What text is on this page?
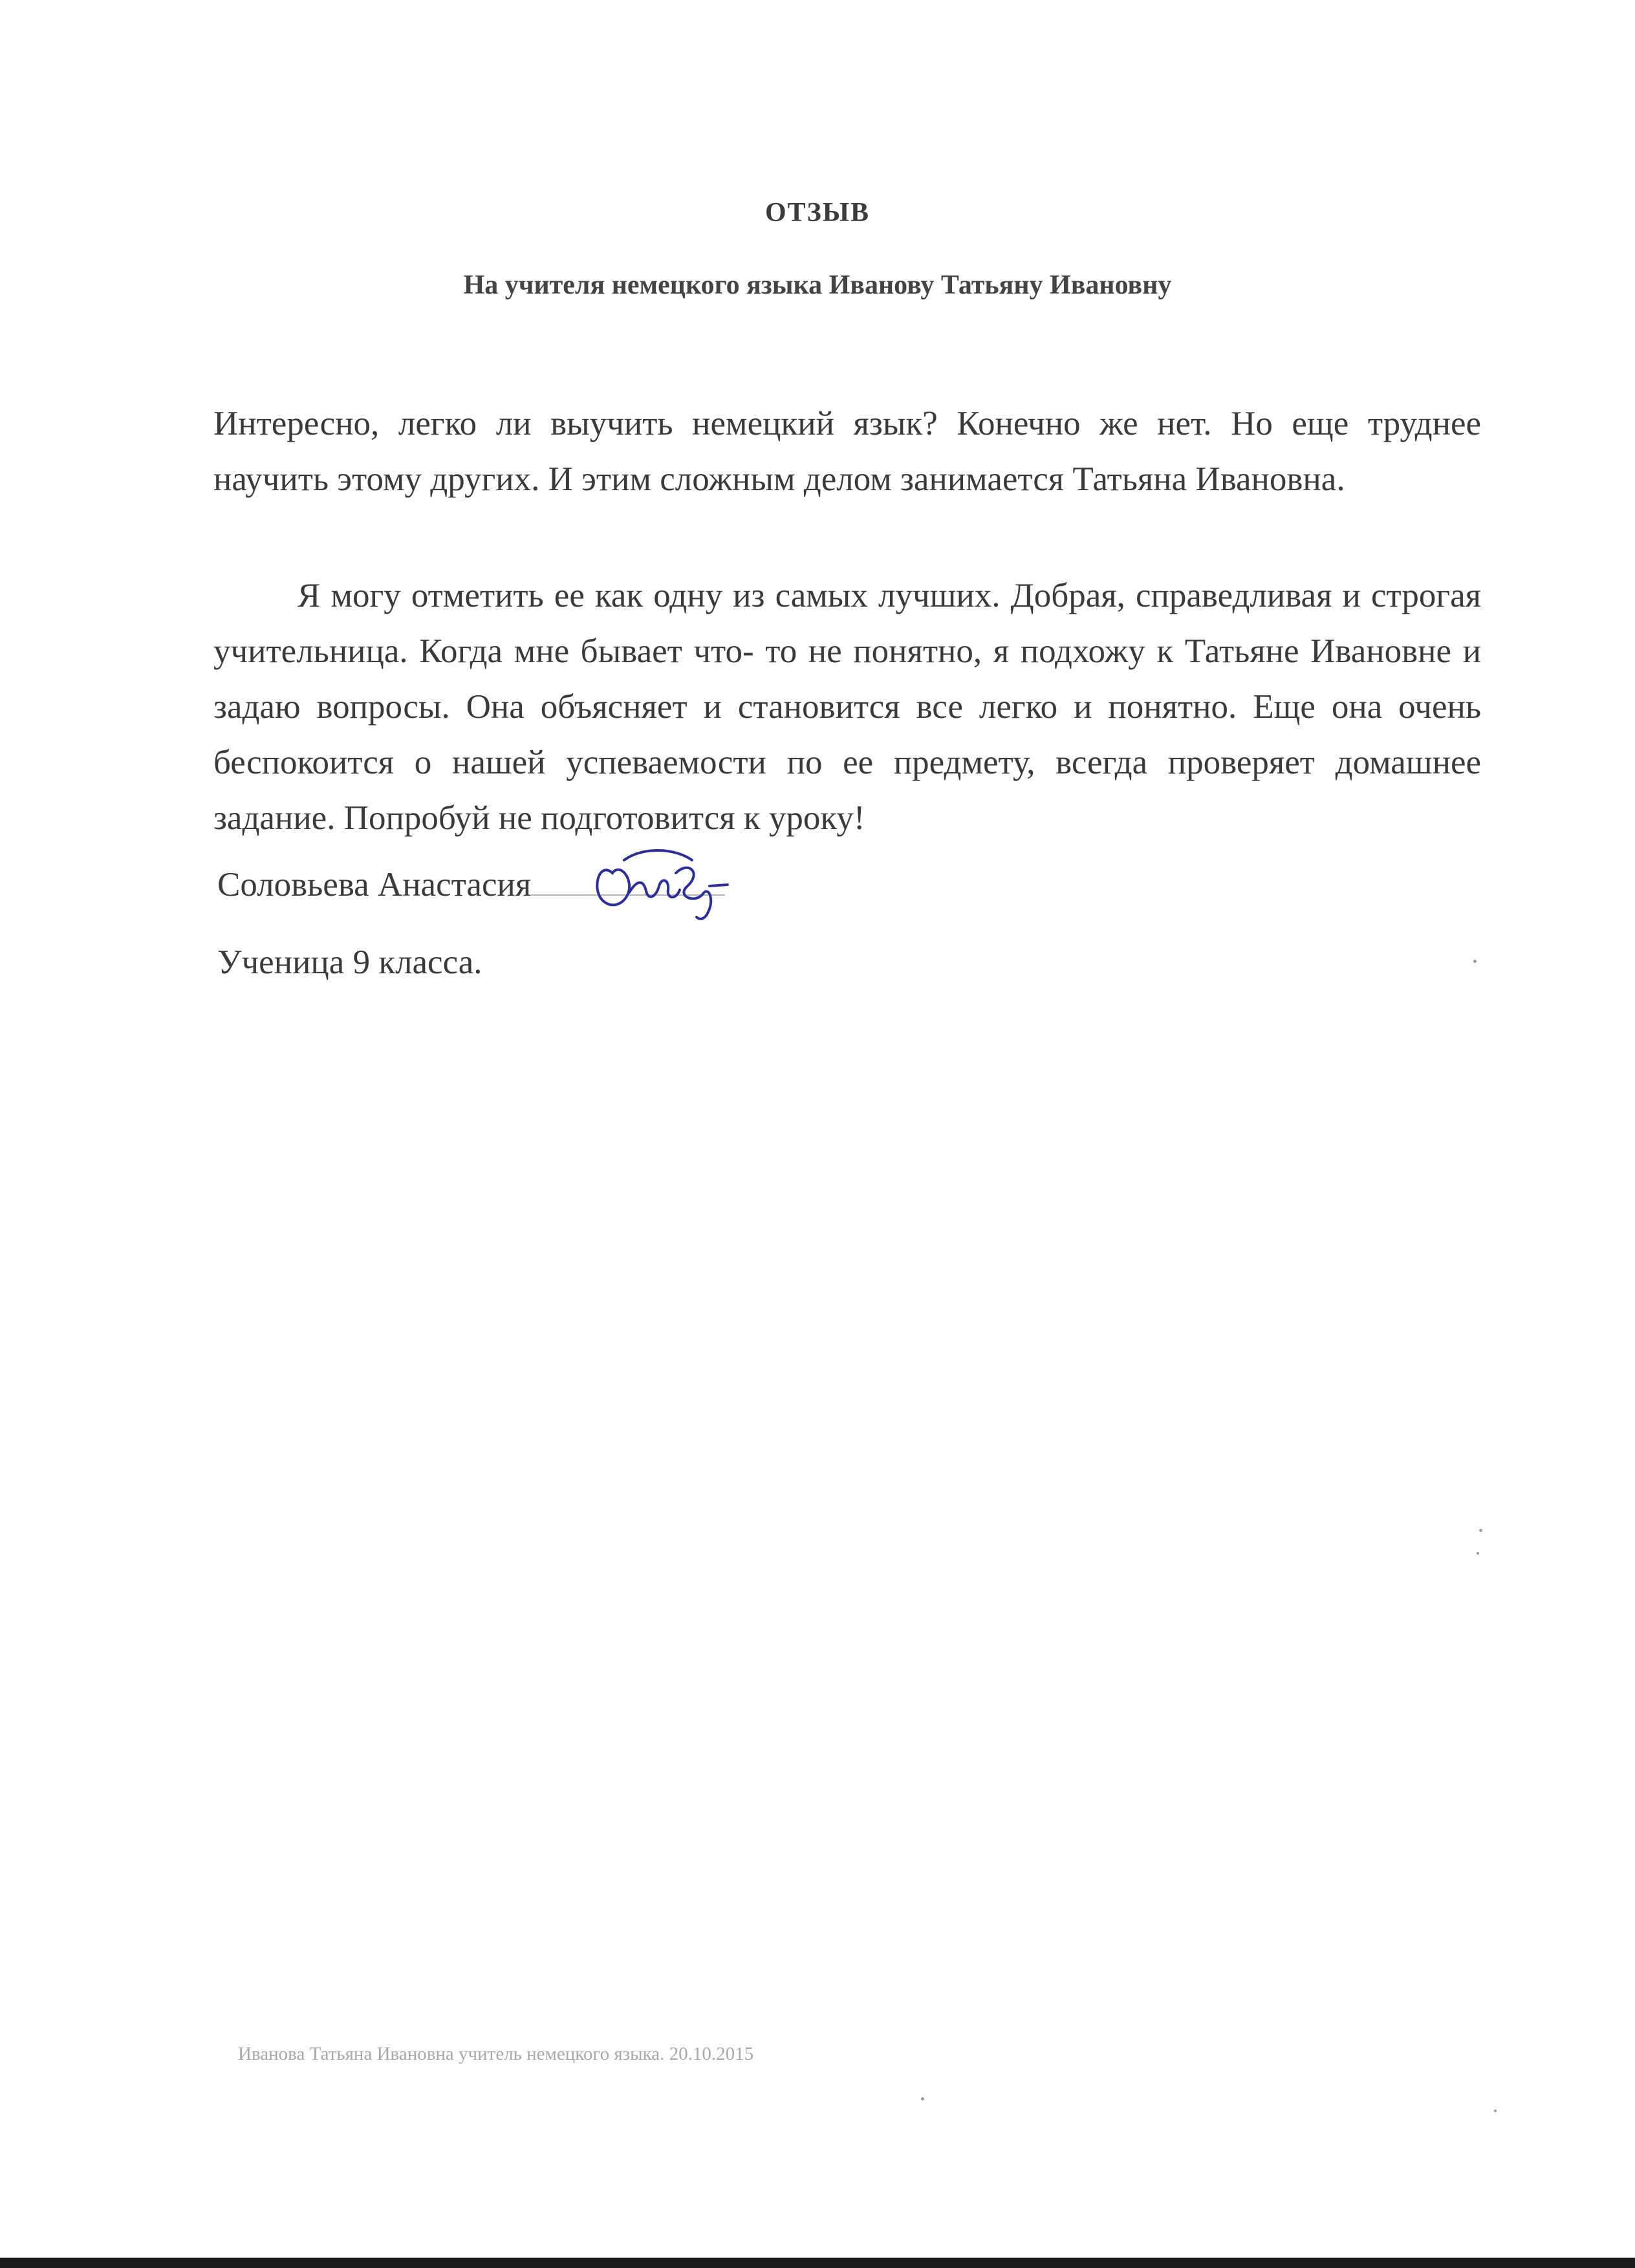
ОТЗЫВ
На учителя немецкого языка Иванову Татьяну Ивановну

Интересно, легко ли выучить немецкий язык? Конечно же нет. Но еще труднее научить этому других. И этим сложным делом занимается Татьяна Ивановна.

Я могу отметить ее как одну из самых лучших. Добрая, справедливая и строгая учительница. Когда мне бывает что- то не понятно, я подхожу к Татьяне Ивановне и задаю вопросы. Она объясняет и становится все легко и понятно. Еще она очень беспокоится о нашей успеваемости по ее предмету, всегда проверяет домашнее задание. Попробуй не подготовится к уроку!

Соловьева Анастасия
Ученица 9 класса.
Иванова Татьяна Ивановна учитель немецкого языка. 20.10.2015
